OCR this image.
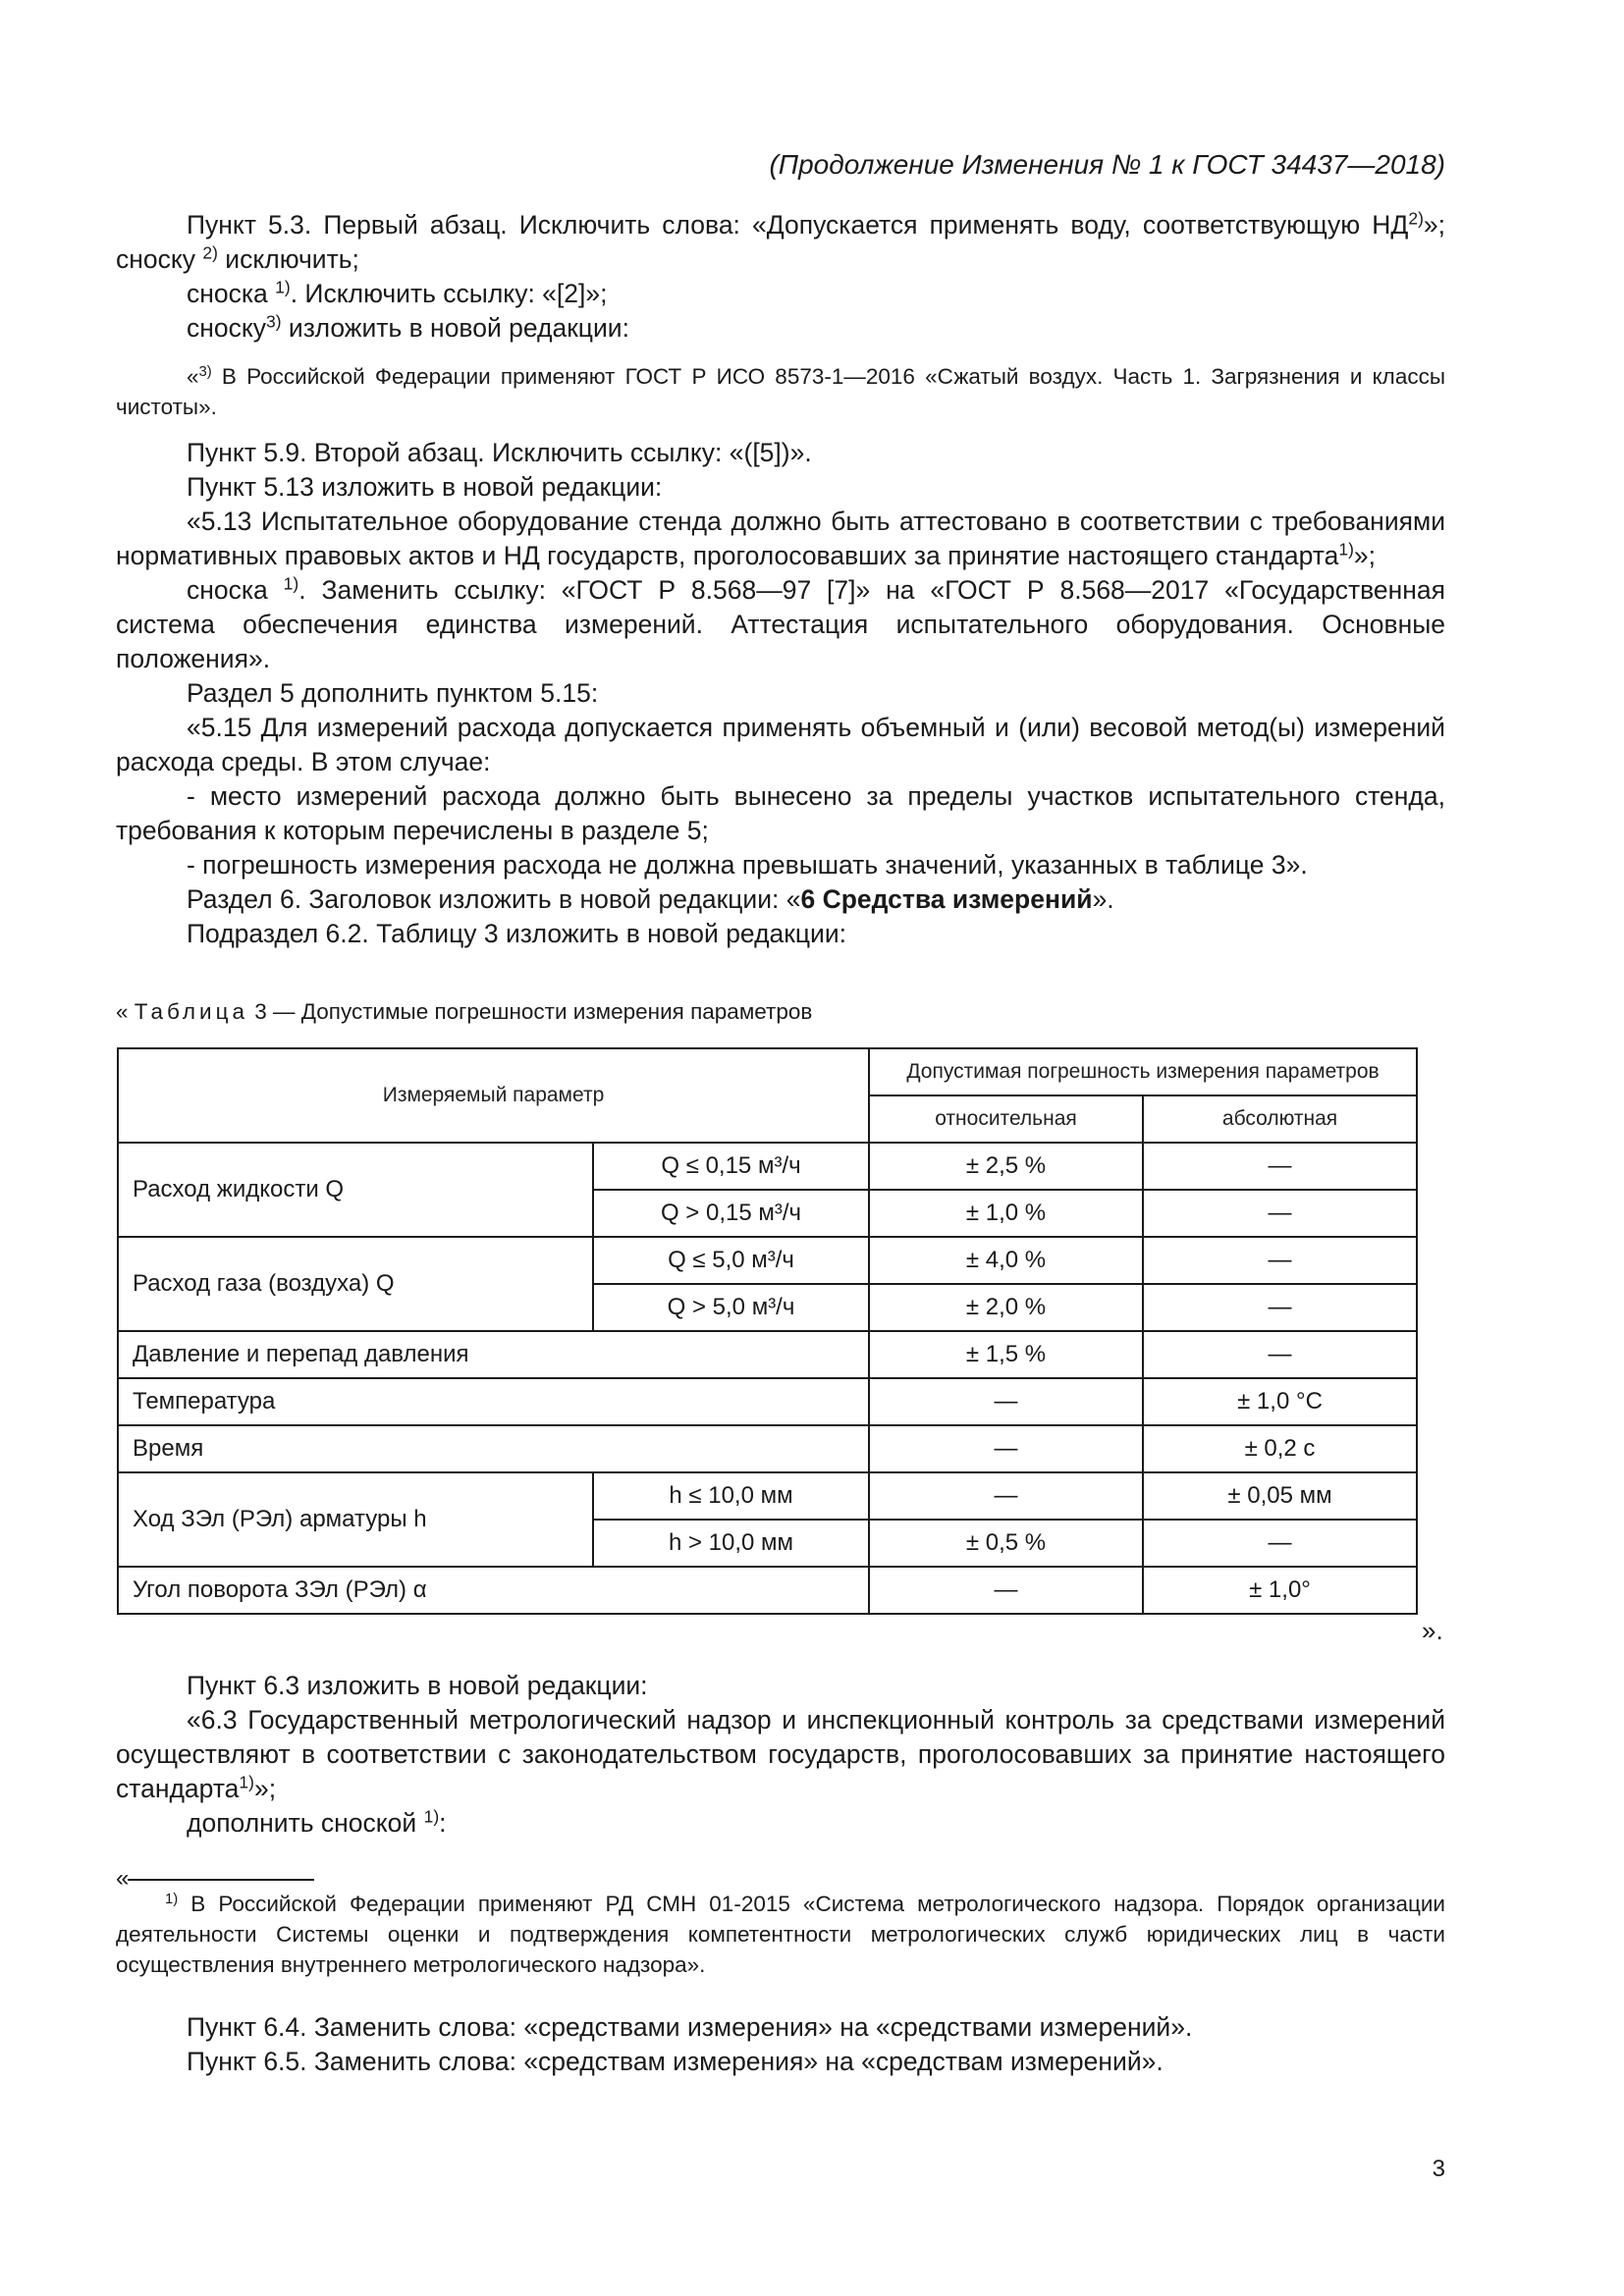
(Продолжение Изменения № 1 к ГОСТ 34437—2018)

Пункт 5.3. Первый абзац. Исключить слова: «Допускается применять воду, соответствующую НД$^{2)}$»; сноску $^{2)}$ исключить;

сноска $^{1)}$. Исключить ссылку: «[2]»;

сноску$^{3)}$ изложить в новой редакции:

«$^{3)}$ В Российской Федерации применяют ГОСТ Р ИСО 8573-1—2016 «Сжатый воздух. Часть 1. Загрязнения и классы чистоты».

Пункт 5.9. Второй абзац. Исключить ссылку: «([5])».

Пункт 5.13 изложить в новой редакции:

«5.13 Испытательное оборудование стенда должно быть аттестовано в соответствии с требованиями нормативных правовых актов и НД государств, проголосовавших за принятие настоящего стандарта$^{1)}$»;

сноска $^{1)}$. Заменить ссылку: «ГОСТ Р 8.568—97 [7]» на «ГОСТ Р 8.568—2017 «Государственная система обеспечения единства измерений. Аттестация испытательного оборудования. Основные положения».

Раздел 5 дополнить пунктом 5.15:

«5.15 Для измерений расхода допускается применять объемный и (или) весовой метод(ы) измерений расхода среды. В этом случае:

- место измерений расхода должно быть вынесено за пределы участков испытательного стенда, требования к которым перечислены в разделе 5;

- погрешность измерения расхода не должна превышать значений, указанных в таблице 3».

Раздел 6. Заголовок изложить в новой редакции: «6 Средства измерений».

Подраздел 6.2. Таблицу 3 изложить в новой редакции:

« Таблица 3 — Допустимые погрешности измерения параметров
Измеряемый параметр		Допустимая погрешность измерения параметров	
		относительная	абсолютная
Расход жидкости Q	Q ≤ 0,15 м³/ч	± 2,5 %	—
	Q > 0,15 м³/ч	± 1,0 %	—
Расход газа (воздуха) Q	Q ≤ 5,0 м³/ч	± 4,0 %	—
	Q > 5,0 м³/ч	± 2,0 %	—
Давление и перепад давления		± 1,5 %	—
Температура		—	± 1,0 °C
Время		—	± 0,2 с
Ход ЗЭл (РЭл) арматуры h	h ≤ 10,0 мм	—	± 0,05 мм
	h > 10,0 мм	± 0,5 %	—
Угол поворота ЗЭл (РЭл) α		—	± 1,0°
».

Пункт 6.3 изложить в новой редакции:

«6.3 Государственный метрологический надзор и инспекционный контроль за средствами измерений осуществляют в соответствии с законодательством государств, проголосовавших за принятие настоящего стандарта$^{1)}$»;

дополнить сноской $^{1)}$:

«

$^{1)}$ В Российской Федерации применяют РД СМН 01-2015 «Система метрологического надзора. Порядок организации деятельности Системы оценки и подтверждения компетентности метрологических служб юридических лиц в части осуществления внутреннего метрологического надзора».

Пункт 6.4. Заменить слова: «средствами измерения» на «средствами измерений».

Пункт 6.5. Заменить слова: «средствам измерения» на «средствам измерений».

3
